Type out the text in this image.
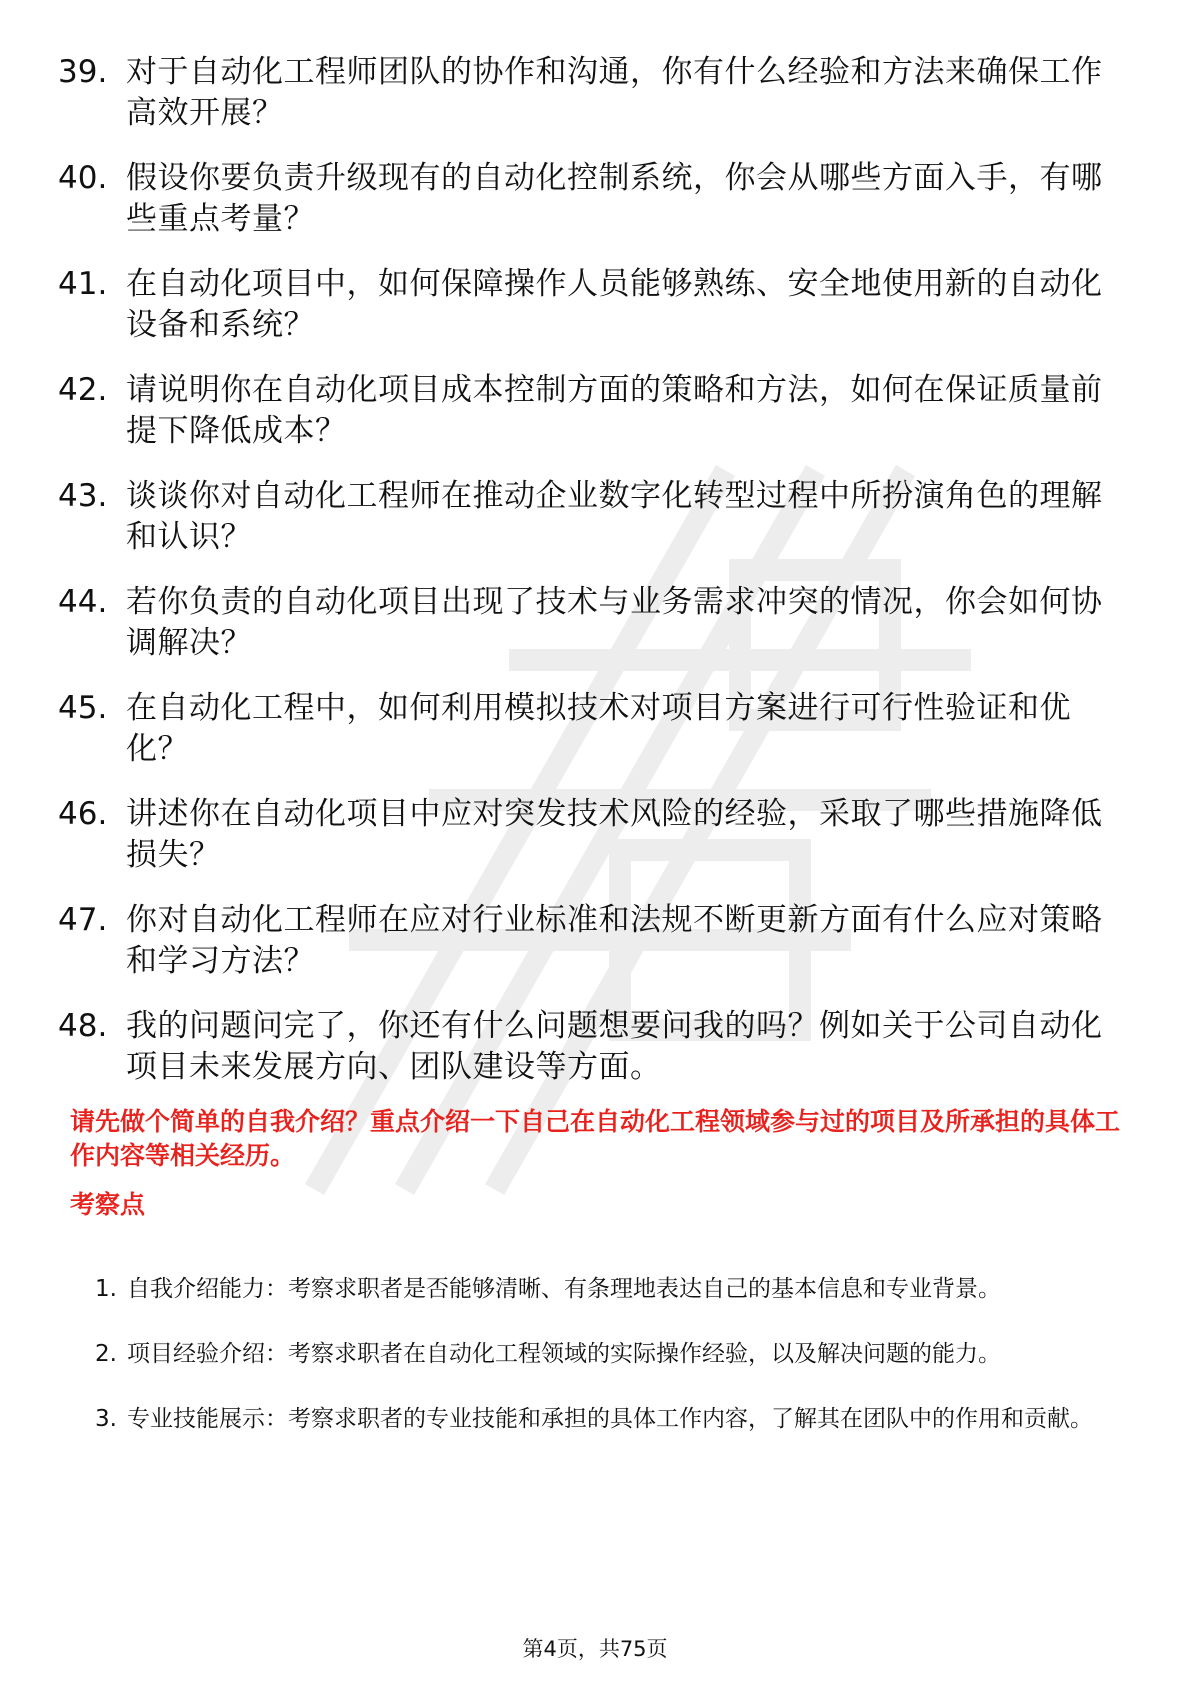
39. 对于自动化工程师团队的协作和沟通，你有什么经验和方法来确保工作高效开展？
40. 假设你要负责升级现有的自动化控制系统，你会从哪些方面入手，有哪些重点考量？
41. 在自动化项目中，如何保障操作人员能够熟练、安全地使用新的自动化设备和系统？
42. 请说明你在自动化项目成本控制方面的策略和方法，如何在保证质量前提下降低成本？
43. 谈谈你对自动化工程师在推动企业数字化转型过程中所扮演角色的理解和认识？
44. 若你负责的自动化项目出现了技术与业务需求冲突的情况，你会如何协调解决？
45. 在自动化工程中，如何利用模拟技术对项目方案进行可行性验证和优化？
46. 讲述你在自动化项目中应对突发技术风险的经验，采取了哪些措施降低损失？
47. 你对自动化工程师在应对行业标准和法规不断更新方面有什么应对策略和学习方法？
48. 我的问题问完了，你还有什么问题想要问我的吗？例如关于公司自动化项目未来发展方向、团队建设等方面。
请先做个简单的自我介绍？重点介绍一下自己在自动化工程领域参与过的项目及所承担的具体工作内容等相关经历。
考察点
1. 自我介绍能力：考察求职者是否能够清晰、有条理地表达自己的基本信息和专业背景。
2. 项目经验介绍：考察求职者在自动化工程领域的实际操作经验，以及解决问题的能力。
3. 专业技能展示：考察求职者的专业技能和承担的具体工作内容，了解其在团队中的作用和贡献。
第4页，共75页
